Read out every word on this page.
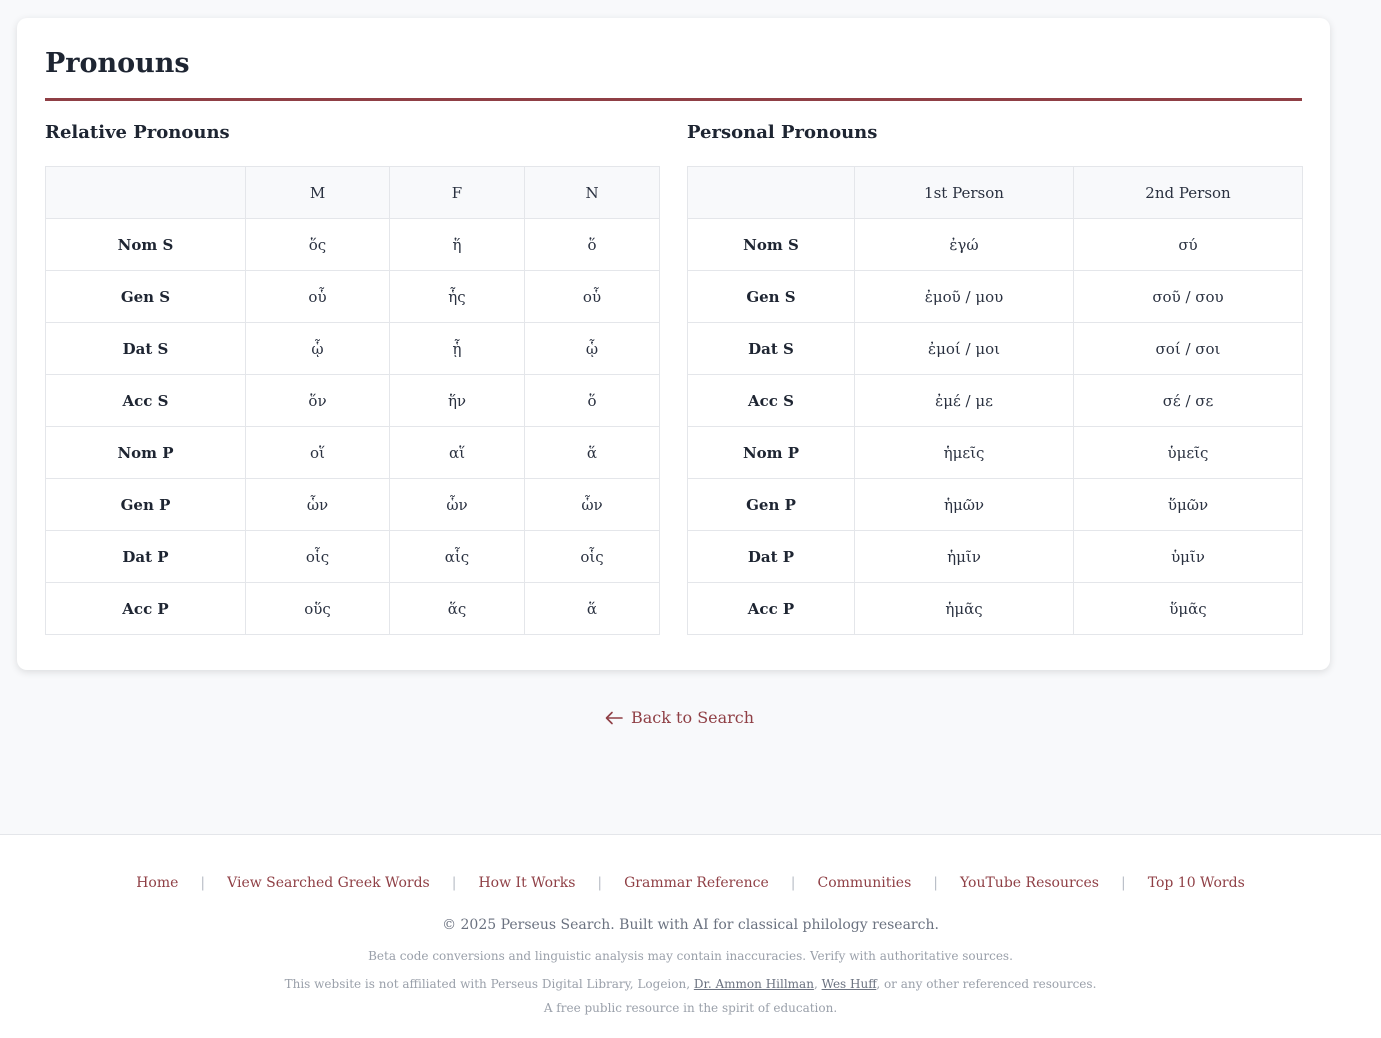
Pronouns
Relative Pronouns	Personal Pronouns
	M	F	N
Nom S	ὅς	ἥ	ὅ
Gen S	οὗ	ἧς	οὗ
Dat S	ᾧ	ᾗ	ᾧ
Acc S	ὅν	ἥν	ὅ
Nom P	οἵ	αἵ	ἅ
Gen P	ὧν	ὧν	ὧν
Dat P	οἷς	αἷς	οἷς
Acc P	οὕς	ἅς	ἅ
	1st Person	2nd Person
Nom S	ἐγώ	σύ
Gen S	ἐμοῦ / μου	σοῦ / σου
Dat S	ἐμοί / μοι	σοί / σοι
Acc S	ἐμέ / με	σέ / σε
Nom P	ἡμεῖς	ὑμεῖς
Gen P	ἡμῶν	ὕμῶν
Dat P	ἡμῖν	ὑμῖν
Acc P	ἡμᾶς	ὕμᾶς
Back to Search
Home | View Searched Greek Words | How It Works | Grammar Reference | Communities | YouTube Resources | Top 10 Words
© 2025 Perseus Search. Built with AI for classical philology research.
Beta code conversions and linguistic analysis may contain inaccuracies. Verify with authoritative sources.
This website is not affiliated with Perseus Digital Library, Logeion, Dr. Ammon Hillman, Wes Huff, or any other referenced resources.
A free public resource in the spirit of education.
